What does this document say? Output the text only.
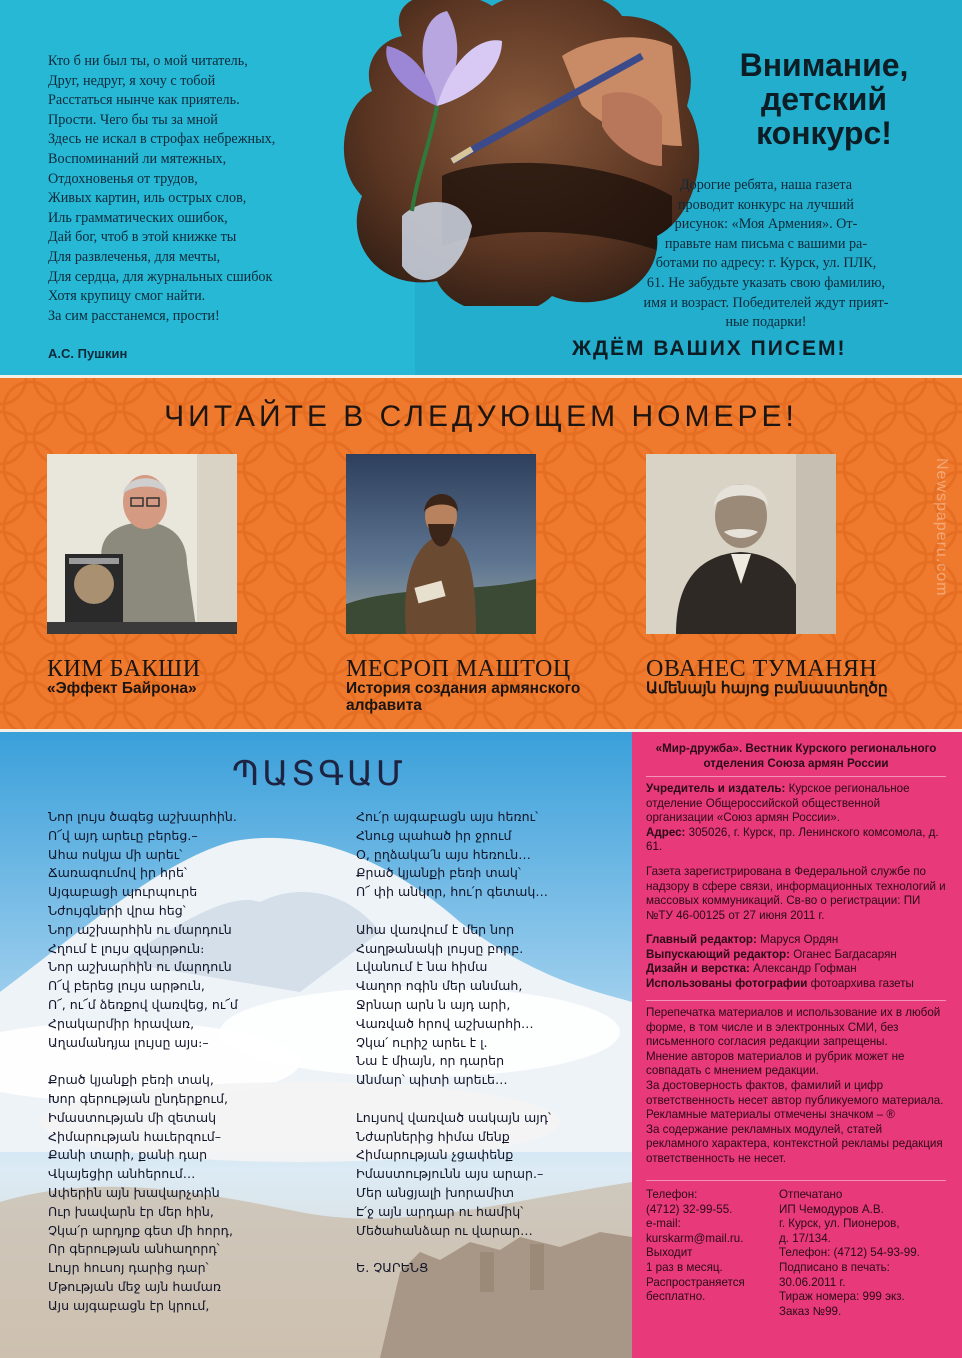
Кто б ни был ты, о мой читатель,
Друг, недруг, я хочу с тобой
Расстаться нынче как приятель.
Прости. Чего бы ты за мной
Здесь не искал в строфах небрежных,
Воспоминаний ли мятежных,
Отдохновенья от трудов,
Живых картин, иль острых слов,
Иль грамматических ошибок,
Дай бог, чтоб в этой книжке ты
Для развлеченья, для мечты,
Для сердца, для журнальных сшибок
Хотя крупицу смог найти.
За сим расстанемся, прости!
А.С. Пушкин
Внимание,
детский
конкурс!
Дорогие ребята, наша газета
проводит конкурс на лучший
рисунок: «Моя Армения». От-
правьте нам письма с вашими ра-
ботами по адресу: г. Курск, ул. ПЛК,
61. Не забудьте указать свою фамилию,
имя и возраст. Победителей ждут прият-
ные подарки!
ЖДЁМ ВАШИХ ПИСЕМ!
ЧИТАЙТЕ В СЛЕДУЮЩЕМ НОМЕРЕ!
Newspaperu.com
КИМ БАКШИ
«Эффект Байрона»
МЕСРОП МАШТОЦ
История создания армянского алфавита
ОВАНЕС ТУМАНЯН
Ամենայն հայոց բանաստեղծը
ՊԱՏԳԱՄ
Նոր լույս ծագեց աշխարհին.
Ո՜վ այդ արեւը բերեց.–
Ահա ոսկյա մի արեւ՝
Ճառագումով իր հրե՝
Այգաբացի պուրպուրե
Նժույգների վրա հեց՝
Նոր աշխարհին ու մարդուն
Հղում է լույս զվարթուն։
Նոր աշխարհին ու մարդուն
Ո՜վ բերեց լույս արթուն,
Ո՜, ու՜մ ձեռքով վառվեց, ու՜մ
Հրակարմիր հրավառ,
Աղամանդյա լույսը այս։–
Քրած կյանքի բեռի տակ,
Խոր գերության ընդերքում,
Իմաստության մի զետակ
Հիմարության հաւերզում–
Քանի տարի, քանի դար
Վկայեցիր անհերում…
Ափերին այն խավարչտին
Ուր խավարն էր մեր հին,
Չկա՛ր արդյոք գետ մի հորդ,
Որ գերության անհաղորդ՝
Լույր հուսոյ դարից դար՝
Մթության մեջ այն համառ
Այս այգաբացն էր կրում,
Հու՛ր այգաբացն այս հեռու՝
Հնուց պահած իր ջրում
Օ, ըղձակա՛ն այս հեռուն…
Քրած կյանքի բեռի տակ՝
Ո՜ փի անկոր, հու՛ր գետակ…
Ահա վառվում է մեր նոր
Հաղթանակի լույսը բորբ.
Լվանում է նա հիմա
Վաղոր ոգին մեր անմահ,
Ջրնար արն ն այդ արի,
Վառված հրով աշխարհի…
Չկա՛ ուրիշ արեւ է լ.
Նա է միայն, որ դարեր
Անմար՝ պիտի արեւե…
Լույսով վառված սակայն այդ՝
Նժարներից հիմա մենք
Հիմարության չցափենք
Իմաստությունն այս արար.–
Մեր անցյալի խորամիտ
Է՛ջ այն արդար ու համիկ՝
Մեծահանձար ու վարար…
Ե. ՉԱՐԵՆՑ
«Мир-дружба». Вестник Курского регионального отделения Союза армян России
Учредитель и издатель: Курское региональное отделение Общероссийской общественной организации «Союз армян России».
Адрес: 305026, г. Курск, пр. Ленинского комсомола, д. 61.
Газета зарегистрирована в Федеральной службе по надзору в сфере связи, информационных технологий и массовых коммуникаций. Св-во о регистрации: ПИ №ТУ 46-00125 от 27 июня 2011 г.
Главный редактор: Маруся Ордян
Выпускающий редактор: Оганес Багдасарян
Дизайн и верстка: Александр Гофман
Использованы фотографии фотоархива газеты
Перепечатка материалов и использование их в любой форме, в том числе и в электронных СМИ, без письменного согласия редакции запрещены.
Мнение авторов материалов и рубрик может не совпадать с мнением редакции.
За достоверность фактов, фамилий и цифр ответственность несет автор публикуемого материала.
Рекламные материалы отмечены значком – ®
За содержание рекламных модулей, статей рекламного характера, контекстной рекламы редакция ответственность не несет.
Телефон:
(4712) 32-99-55.
e-mail:
kurskarm@mail.ru.
Выходит
1 раз в месяц.
Распространяется
бесплатно.
Отпечатано
ИП Чемодуров А.В.
г. Курск, ул. Пионеров,
д. 17/134.
Телефон: (4712) 54-93-99.
Подписано в печать:
30.06.2011 г.
Тираж номера: 999 экз.
Заказ №99.
